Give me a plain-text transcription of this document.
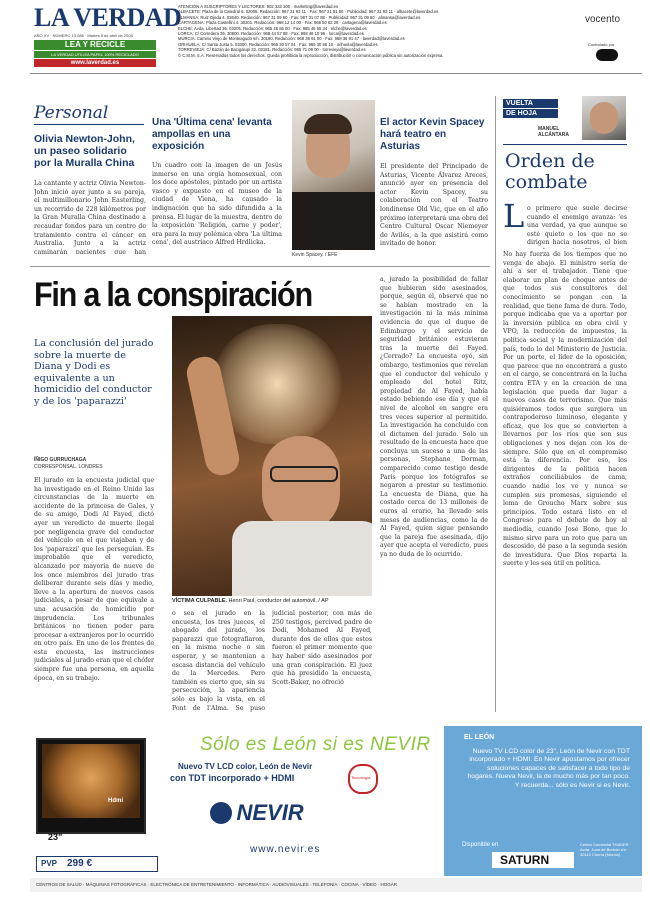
LA VERDAD
AÑO XV · NÚMERO 13.086 · Martes 8 de abril de 2008
LEA Y RECICLE
LA VERDAD UTILIZA PAPEL 100% RECICLADO
www.laverdad.es
ATENCIÓN A SUSCRIPTORES Y LECTORES: 902 332 100 · marketing@laverdad.es
ALBACETE: Plaza de la Catedral 6. 02005. Redacción: 967 21 93 11 · Fax: 967 21 91 56 · Publicidad: 967 21 93 11 · albacete@laverdad.es
ALMANSA: Ruiz Ojeda 4. 02640. Redacción: 967 31 09 60 · Fax: 967 31 07 88 · Publicidad: 967 31 09 60 · almansa@laverdad.es
CARTAGENA: Plaza Castellini 4. 30201. Redacción: 968 12 14 00 · Fax: 968 50 62 28 · cartagena@laverdad.es
ELCHE: Avda. Libertad 36. 03205. Redacción: 965 45 55 00 · Fax: 965 45 55 34 · elche@laverdad.es
LORCA: C/ Corredera 36. 30800. Redacción: 968 44 57 88 · Fax: 968 46 10 96 · lorca@laverdad.es
MURCIA: Camino Viejo de Monteagudo s/n. 30160. Redacción: 968 36 91 00 · Fax: 968 36 91 47 · laverdad@laverdad.es
ORIHUELA: C/ Santa Justa 5. 03300. Redacción: 965 30 57 04 · Fax: 965 30 56 10 · orihuela@laverdad.es
TORREVIEJA: C/ Bazán de Bacigalupi 32. 03181. Redacción: 965 71 09 00 · torrevieja@laverdad.es
© C.M.M. S.A. Reservados todos los derechos. Queda prohibida la reproducción, distribución o comunicación pública sin autorización expresa.
vocento
Controlado por
Personal
Olivia Newton-John, un paseo solidario por la Muralla China
La cantante y actriz Olivia Newton-John inició ayer junto a su pareja, el multimillonario John Easterling, un recorrido de 228 kilómetros por la Gran Muralla China destinado a recaudar fondos para un centro de tratamiento contra el cáncer en Australia. Junto a la actriz caminarán pacientes que han
Una 'Última cena' levanta ampollas en una exposición
Un cuadro con la imagen de un Jesús inmerso en una orgía homosexual, con los doce apóstoles, pintado por un artista vasco y expuesto en el museo de la ciudad de Viena, ha causado la indignación que ha sido difundida a la prensa. El lugar de la muestra, dentro de la exposición 'Religión, carne y poder', era para la muy polémica obra 'La última cena', del austríaco Alfred Hrdlicka.
Kevin Spacey. / EFE
El actor Kevin Spacey hará teatro en Asturias
El presidente del Principado de Asturias, Vicente Álvarez Areces, anunció ayer en presencia del actor Kevin Spacey, su colaboración con el Teatro londinense Old Vic, que en el año próximo interpretará una obra del Centro Cultural Oscar Niemeyer de Avilés, a la que asistirá como invitado de honor.
Fin a la conspiración
La conclusión del jurado sobre la muerte de Diana y Dodi es equivalente a un homicidio del conductor y de los 'paparazzi'
ÍÑIGO GURRUCHAGA
CORRESPONSAL. LONDRES
El jurado en la encuesta judicial que ha investigado en el Reino Unido las circunstancias de la muerte en accidente de la princesa de Gales, y de su amigo, Dodi Al Fayed, dictó ayer un veredicto de muerte ilegal por negligencia grave del conductor del vehículo en el que viajaban y de los 'paparazzi' que les perseguían. Es improbable que el veredicto, alcanzado por mayoría de nueve de los once miembros del jurado tras deliberar durante seis días y medio, lleve a la apertura de nuevos casos judiciales, a pesar de que equivale a una acusación de homicidio por imprudencia. Los tribunales británicos no tienen poder para procesar a extranjeros por lo ocurrido en otro país. En uno de los frentes de esta encuesta, las instrucciones judiciales al jurado eran que el chófer siempre fue una persona, en aquella época, en su trabajo.
VÍCTIMA CULPABLE. Henri Paul, conductor del automóvil. / AP
o sea el jurado en la encuesta, los tres jueces, el abogado del jurado, los paparazzi que fotografiaron, en la misma noche o sin esperar, y se mantenían a escasa distancia del vehículo de la Mercedes. Pero también es cierto que, sin su persecución, la apariencia sólo es bajo la vista, en el Pont de l'Alma. Se puso
judicial posterior, con más de 250 testigos, percived padre de Dodi, Mohamed Al Fayed, durante dos de ellos que estos fueron el primer momento que hay haber sido asesinados por una gran conspiración. El juez que ha presidido la encuesta, Scott-Baker, no ofreció
a, jurado la posibilidad de fallar que hubieran sido asesinados, porque, según él, observé que no se habían mostrado en la investigación ni la más mínima evidencia de que el duque de Edimburgo y el servicio de seguridad británico estuvieran tras la muerte del Fayed. ¿Cerrado? La encuesta oyó, sin embargo, testimonios que revelan que el conductor del vehículo y empleado del hotel Ritz, propiedad de Al Fayed, había estado bebiendo ese día y que el nivel de alcohol en sangre era tres veces superior al permitido. La investigación ha concluido con el dictamen del jurado. Solo un resultado de la encuesta hace que concluya un suceso a una de las personas, Stephane Dorman, comparecido como testigo desde París porque los fotógrafos se negaron a prestar su testimonio. La encuesta de Diana, que ha costado cerca de 13 millones de euros al erario, ha llevado seis meses de audiencias, como la de Al Fayed, quien sigue pensando que la pareja fue asesinada, dijo ayer que acepta el veredicto, pues ya no duda de lo ocurrido.
VUELTA
DE HOJA
MANUEL
ALCÁNTARA
Orden de combate
L o primero que suele decirse cuando el enemigo avanza: 'es una verdad, ya que aunque se esté quieto o los que no se dirigen hacia nosotros, el bien
No hay fuerza de los tiempos que no venga de abajo. El ministro sería de ahí a ser el trabajador. Tiene que elaborar un plan de choque antes de que todos sus consultores del conocimiento se pongan con la realidad, que tiene fama de dura. Todo, porque indicaba que va a aportar por la inversión pública en obra civil y VPO, la reducción de impuestos, la política social y la modernización del país, todo lo del Ministerio de Justicia. Por un porte, el líder de la oposición, que parece que no encontrará a gusto en el cargo, se concentrará en la lucha contra ETA y en la creación de una legislación que pueda dar lugar a nuevos casos de terrorismo. Que más quisiéramos todos que surgiera un contrapoderoso luminoso, elegante y eficaz, que los que se convierten a llevarnos por los ríos que son sus obligaciones y nos dejan con los de siempre. Sólo que en el compromiso está la diferencia. Por eso, los dirigentes de la política hacen extraños conciliábulos de cama, cuando nadie los ve y nunca se cumplen sus promesas, siguiendo el lema de Groucho Marx sobre sus principios. Todo estará listo en el Congreso para el debate de hoy al mediodía, cuando José Bono, que lo mismo sirve para un roto que para un descosido, dé paso a la segunda sesión de investidura. Que Dios reparta la suerte y les sea útil en política.
Hdmi
23"
PVP 299 €
Sólo es León si es NEVIR
Nuevo TV LCD color, León de Nevir
con TDT incorporado + HDMI	Tecnología
NEVIR
www.nevir.es
EL LEÓN
Nuevo TV LCD color de 23", León de Nevir con TDT incorporado + HDMI. En Nevir apostamos por ofrecer soluciones capaces de satisfacer a todo tipo de hogares. Nueva Nevir, la de mucho más por tan poco. Y recuerda... sólo es Nevir si es Nevir.
Disponible en
SATURN
Centro Comercial THADER · Avda. Juan de Borbón s/n · 30110 Churra (Murcia)
CENTROS DE SALUD · MÁQUINAS FOTOGRÁFICAS · ELECTRÓNICA DE ENTRETENIMIENTO · INFORMÁTICA · AUDIOVISUALES · TELEFONÍA · COCINA · VÍDEO · HOGAR
